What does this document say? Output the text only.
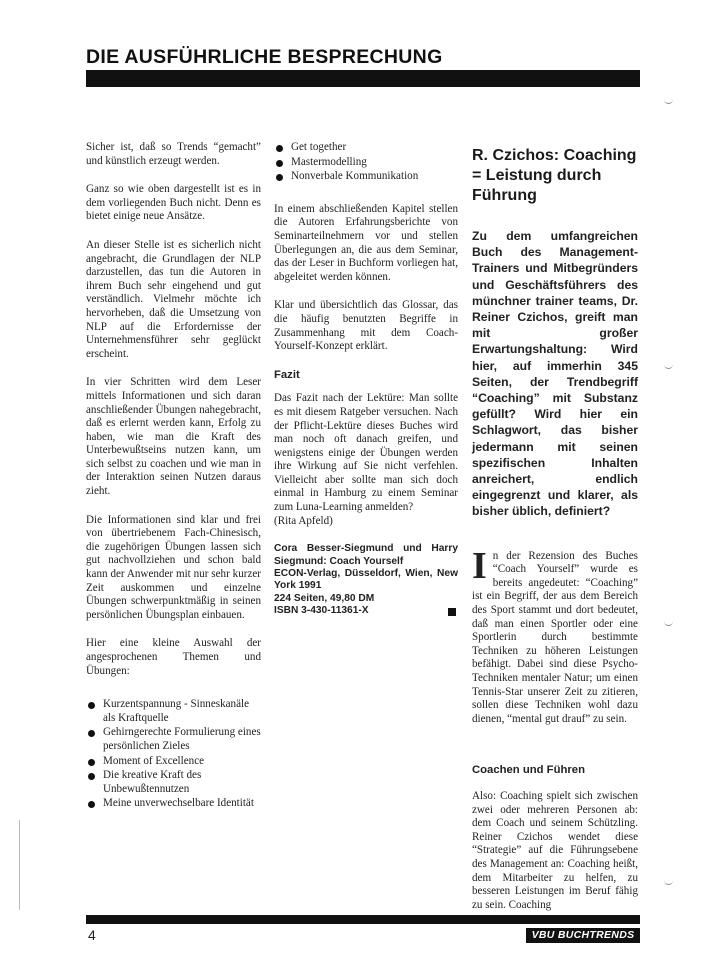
DIE AUSFÜHRLICHE BESPRECHUNG

Sicher ist, daß so Trends “gemacht” und künstlich erzeugt werden.

Ganz so wie oben dargestellt ist es in dem vorliegenden Buch nicht. Denn es bietet einige neue Ansätze.

An dieser Stelle ist es sicherlich nicht angebracht, die Grundlagen der NLP darzustellen, das tun die Autoren in ihrem Buch sehr eingehend und gut verständlich. Vielmehr möchte ich hervorheben, daß die Umsetzung von NLP auf die Erfordernisse der Unternehmensführer sehr geglückt erscheint.

In vier Schritten wird dem Leser mittels Informationen und sich daran anschließender Übungen nahegebracht, daß es erlernt werden kann, Erfolg zu haben, wie man die Kraft des Unterbewußtseins nutzen kann, um sich selbst zu coachen und wie man in der Interaktion seinen Nutzen daraus zieht.

Die Informationen sind klar und frei von übertriebenem Fach-Chinesisch, die zugehörigen Übungen lassen sich gut nachvollziehen und schon bald kann der Anwender mit nur sehr kurzer Zeit auskommen und einzelne Übungen schwerpunktmäßig in seinen persönlichen Übungsplan einbauen.

Hier eine kleine Auswahl der angesprochenen Themen und Übungen:

Kurzentspannung - Sinneskanäle als Kraftquelle
Gehirngerechte Formulierung eines persönlichen Zieles
Moment of Excellence
Die kreative Kraft des Unbewußtennutzen
Meine unverwechselbare Identität
Get together
Mastermodelling
Nonverbale Kommunikation

In einem abschließenden Kapitel stellen die Autoren Erfahrungsberichte von Seminarteilnehmern vor und stellen Überlegungen an, die aus dem Seminar, das der Leser in Buchform vorliegen hat, abgeleitet werden können.

Klar und übersichtlich das Glossar, das die häufig benutzten Begriffe in Zusammenhang mit dem Coach-Yourself-Konzept erklärt.

Fazit

Das Fazit nach der Lektüre: Man sollte es mit diesem Ratgeber versuchen. Nach der Pflicht-Lektüre dieses Buches wird man noch oft danach greifen, und wenigstens einige der Übungen werden ihre Wirkung auf Sie nicht verfehlen. Vielleicht aber sollte man sich doch einmal in Hamburg zu einem Seminar zum Luna-Learning anmelden?

(Rita Apfeld)

Cora Besser-Siegmund und Harry Siegmund: Coach Yourself
ECON-Verlag, Düsseldorf, Wien, New York 1991
224 Seiten, 49,80 DM
ISBN 3-430-11361-X
R. Czichos: Coaching = Leistung durch Führung
Zu dem umfangreichen Buch des Management-Trainers und Mitbegründers und Geschäftsführers des münchner trainer teams, Dr. Reiner Czichos, greift man mit großer Erwartungshaltung: Wird hier, auf immerhin 345 Seiten, der Trendbegriff “Coaching” mit Substanz gefüllt? Wird hier ein Schlagwort, das bisher jedermann mit seinen spezifischen Inhalten anreichert, endlich eingegrenzt und klarer, als bisher üblich, definiert?

In der Rezension des Buches “Coach Yourself” wurde es bereits angedeutet: “Coaching” ist ein Begriff, der aus dem Bereich des Sport stammt und dort bedeutet, daß man einen Sportler oder eine Sportlerin durch bestimmte Techniken zu höheren Leistungen befähigt. Dabei sind diese Psycho-Techniken mentaler Natur; um einen Tennis-Star unserer Zeit zu zitieren, sollen diese Techniken wohl dazu dienen, “mental gut drauf” zu sein.

Coachen und Führen

Also: Coaching spielt sich zwischen zwei oder mehreren Personen ab: dem Coach und seinem Schützling. Reiner Czichos wendet diese “Strategie” auf die Führungsebene des Management an: Coaching heißt, dem Mitarbeiter zu helfen, zu besseren Leistungen im Beruf fähig zu sein. Coaching

4	VBU BUCHTRENDS
